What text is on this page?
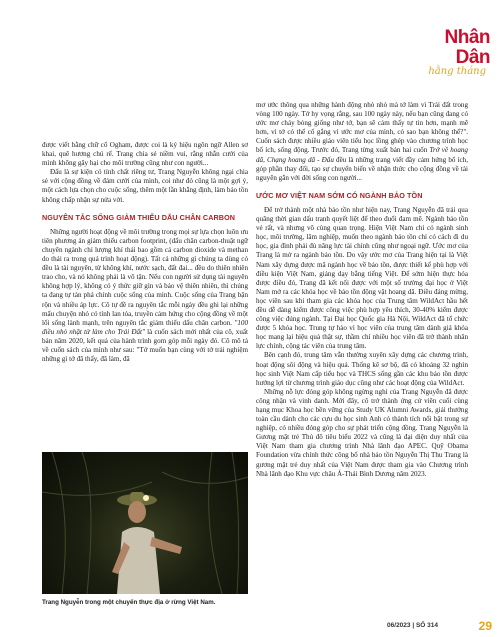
Nhân Dân
hằng tháng

được viết bằng chữ cổ Ogham, được coi là kỷ hiệu ngôn ngữ Allen sơ khai, quê hương chú rể. Trang chia sẻ niềm vui, rằng nhẫn cưới của mình không gây hại cho môi trường cũng như con người...

Đấu là sự kiện có tính chất riêng tư, Trang Nguyễn không ngại chia sẻ với cộng đồng về đám cưới của mình, coi như đó cũng là một gợi ý, một cách lựa chọn cho cuộc sống, thêm một lần khẳng định, làm bảo tồn không chấp nhận sự nửa vời.

NGUYÊN TẮC SỐNG GIẢM THIỂU DẤU CHÂN CARBON

Những người hoạt động về môi trường trong mọi sự lựa chọn luôn ưu tiên phương án giảm thiểu carbon footprint, (dấu chân carbon-thuật ngữ chuyên ngành chỉ lượng khí thải bao gồm cả carbon dioxide và methan do thải ra trong quá trình hoạt động). Tất cả những gì chúng ta dùng có đều là tài nguyên, từ không khí, nước sạch, đất đai... đều do thiên nhiên trao cho, và nó không phải là vô tận. Nếu con người sử dụng tài nguyên không hợp lý, không có ý thức giữ gìn và bảo vệ thiên nhiên, thì chúng ta đang tự tàn phá chính cuộc sống của mình. Cuộc sống của Trang bận rộn và nhiều áp lực. Cô tự đề ra nguyên tắc mỗi ngày đều ghi lại những mẩu chuyện nhỏ có tính lan tỏa, truyền cảm hứng cho cộng đồng về một lối sống lành mạnh, trên nguyên tắc giảm thiểu dấu chân carbon. "100 điều nhỏ nhặt từ làm cho Trái Đất" là cuốn sách mới nhất của cô, xuất bản năm 2020, kết quả của hành trình gom góp mỗi ngày đó. Cô mô tả về cuốn sách của mình như sau: "Tớ muốn bạn cùng với tớ trải nghiệm những gì tớ đã thấy, đã làm, đã

mơ ước thông qua những hành động nhỏ nhỏ mà tớ làm vì Trái đất trong vòng 100 ngày. Tớ hy vọng rằng, sau 100 ngày này, nếu bạn cũng đang có ước mơ cháy bỏng giống như tớ, bạn sẽ cảm thấy tự tin hơn, mạnh mẽ hơn, vì tớ có thể cố gắng vì ước mơ của mình, có sao bạn không thể?". Cuốn sách được nhiều giáo viên tiểu học lồng ghép vào chương trình học bổ ích, sống động. Trước đó, Trang từng xuất bản hai cuốn Trở về hoang dã, Chạng hoang dã - Đấu đều là những trang viết đầy cảm hứng bổ ích, góp phần thay đổi, tạo sự chuyển biến về nhận thức cho cộng đồng về tài nguyên gắn với đời sống con người...

ƯỚC MƠ VIỆT NAM SỚM CÓ NGÀNH BẢO TỒN

Để trở thành một nhà bảo tồn như hiện nay, Trang Nguyễn đã trải qua quãng thời gian dấu tranh quyết liệt để theo đuổi đam mê. Ngành bảo tồn vẻ rất, và nhưng vô cùng quan trọng. Hiện Việt Nam chỉ có ngành sinh học, môi trường, lâm nghiệp, muốn theo ngành bảo tồn chỉ có cách đi du học, gia đình phải đủ năng lực tài chính cũng như ngoại ngữ. Ước mơ của Trang là mở ra ngành bảo tồn. Do vậy ước mơ của Trang hiện tại là Việt Nam xây dựng được mã ngành học về bảo tồn, được thiết kế phù hợp với điều kiện Việt Nam, giảng dạy bằng tiếng Việt. Để sớm hiện thực hóa được điều đó, Trang đã kết nối được với một số trường đại học ở Việt Nam mở ra các khóa học về bảo tồn động vật hoang dã. Điều đáng mừng, học viên sau khi tham gia các khóa học của Trung tâm WildAct hầu hết đều dễ dàng kiếm được công việc phù hợp yêu thích, 30-40% kiếm được công việc đúng ngành. Tại Đại học Quốc gia Hà Nội, WildAct đã tổ chức được 5 khóa học. Trung tự hào vì học viên của trung tâm dành giá khóa học mang lại hiệu quả thật sự, thầm chí nhiều học viên đã trở thành nhân lực chính, cộng tác viên của trung tâm.

Bên cạnh đó, trung tâm vẫn thường xuyên xây dựng các chương trình, hoạt động sôi động và hiệu quả. Thống kê sơ bộ, đã có khoảng 32 nghìn học sinh Việt Nam cấp tiểu học và THCS sống gần các khu bảo tồn được hướng lợi từ chương trình giáo dục cũng như các hoạt động của WildAct.

Những nỗ lực đóng góp không ngừng nghỉ của Trang Nguyễn đã được công nhận và vinh danh. Mới đây, cô trở thành ứng cử viên cuối cùng hạng mục Khoa học bền vững của Study UK Alumni Awards, giải thưởng toàn cầu dành cho các cựu du học sinh Anh có thành tích nổi bật trong sự nghiệp, có nhiều đóng góp cho sự phát triển cộng đồng. Trang Nguyễn là Gương mặt trẻ Thủ đô tiêu biểu 2022 và cũng là đại diện duy nhất của Việt Nam tham gia chương trình Nhà lãnh đạo APEC. Quỹ Obama Foundation vừa chính thức công bố nhà bảo tồn Nguyễn Thị Thu Trang là gương mặt trẻ duy nhất của Việt Nam được tham gia vào Chương trình Nhà lãnh đạo Khu vực châu Á-Thái Bình Dương năm 2023.

Trang Nguyễn trong một chuyến thực địa ở rừng Việt Nam.
06/2023 | SỐ 314	29
